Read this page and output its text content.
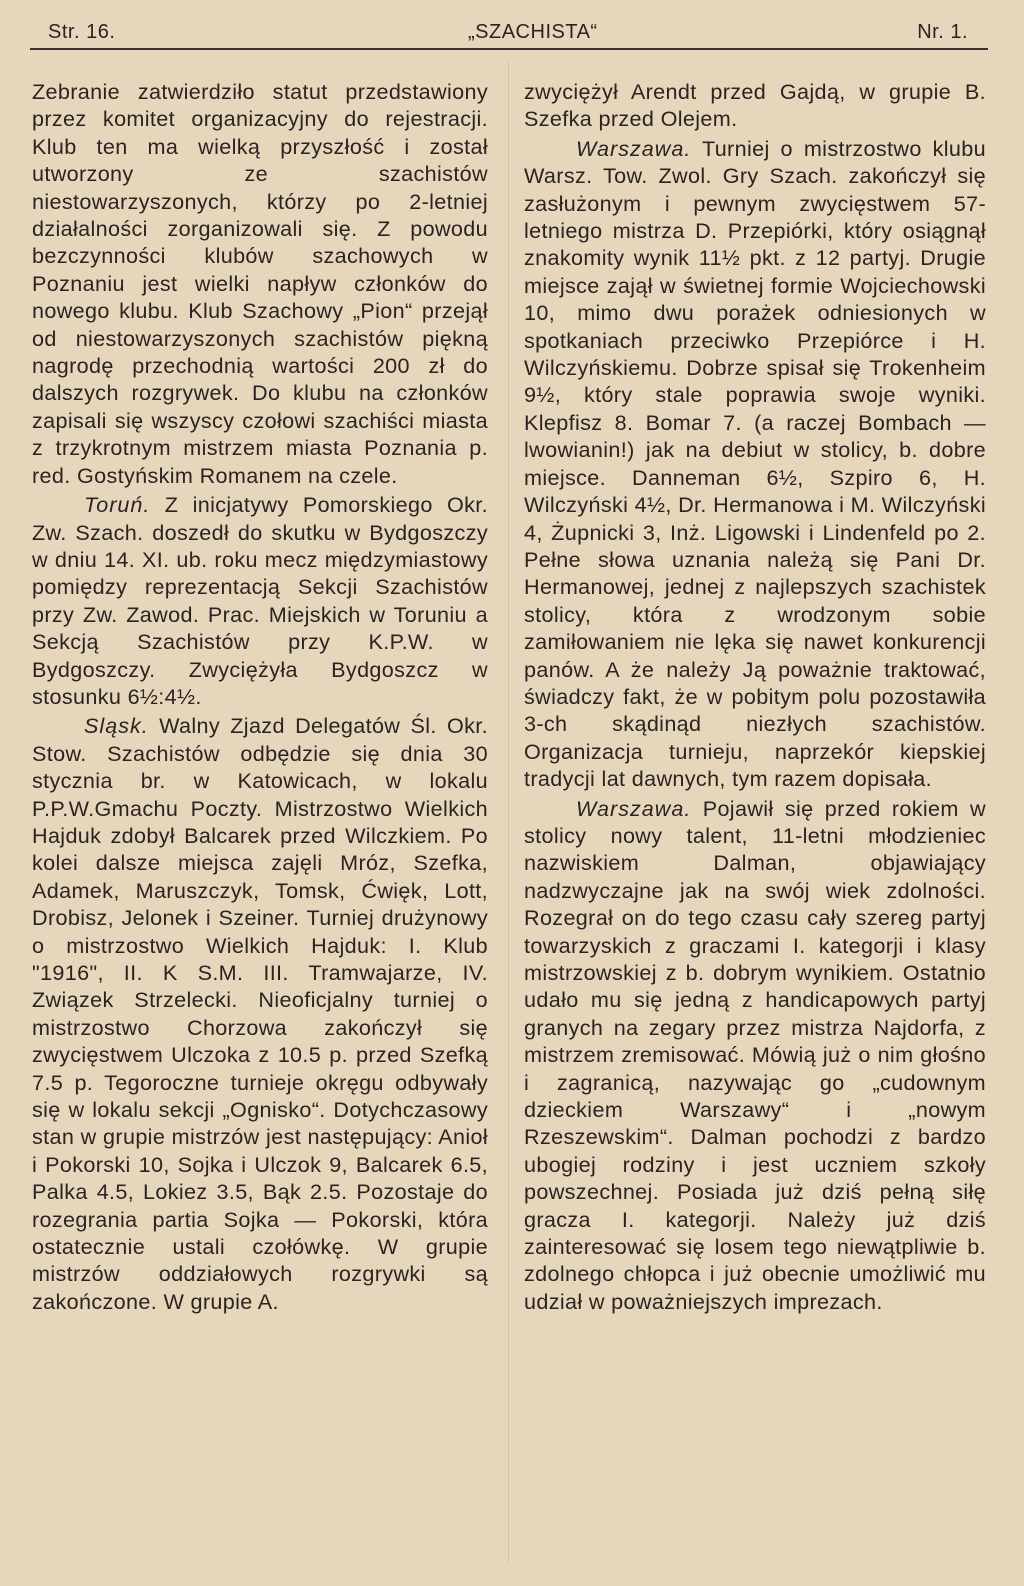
Str. 16.	„SZACHISTA“	Nr. 1.

Zebranie zatwierdziło statut przedstawiony przez komitet organizacyjny do rejestracji. Klub ten ma wielką przyszłość i został utworzony ze szachistów niestowarzyszonych, którzy po 2-letniej działalności zorganizowali się. Z powodu bezczynności klubów szachowych w Poznaniu jest wielki napływ członków do nowego klubu. Klub Szachowy „Pion“ przejął od niestowarzyszonych szachistów piękną nagrodę przechodnią wartości 200 zł do dalszych rozgrywek. Do klubu na członków zapisali się wszyscy czołowi szachiści miasta z trzykrotnym mistrzem miasta Poznania p. red. Gostyńskim Romanem na czele.

Toruń. Z inicjatywy Pomorskiego Okr. Zw. Szach. doszedł do skutku w Bydgoszczy w dniu 14. XI. ub. roku mecz międzymiastowy pomiędzy reprezentacją Sekcji Szachistów przy Zw. Zawod. Prac. Miejskich w Toruniu a Sekcją Szachistów przy K.P.W. w Bydgoszczy. Zwyciężyła Bydgoszcz w stosunku 6½:4½.

Sląsk. Walny Zjazd Delegatów Śl. Okr. Stow. Szachistów odbędzie się dnia 30 stycznia br. w Katowicach, w lokalu P.P.W.Gmachu Poczty. Mistrzostwo Wielkich Hajduk zdobył Balcarek przed Wilczkiem. Po kolei dalsze miejsca zajęli Mróz, Szefka, Adamek, Maruszczyk, Tomsk, Ćwięk, Lott, Drobisz, Jelonek i Szeiner. Turniej drużynowy o mistrzostwo Wielkich Hajduk: I. Klub "1916", II. K S.M. III. Tramwajarze, IV. Związek Strzelecki. Nieoficjalny turniej o mistrzostwo Chorzowa zakończył się zwycięstwem Ulczoka z 10.5 p. przed Szefką 7.5 p. Tegoroczne turnieje okręgu odbywały się w lokalu sekcji „Ognisko“. Dotychczasowy stan w grupie mistrzów jest następujący: Anioł i Pokorski 10, Sojka i Ulczok 9, Balcarek 6.5, Palka 4.5, Lokiez 3.5, Bąk 2.5. Pozostaje do rozegrania partia Sojka — Pokorski, która ostatecznie ustali czołówkę. W grupie mistrzów oddziałowych rozgrywki są zakończone. W grupie A.

zwyciężył Arendt przed Gajdą, w grupie B. Szefka przed Olejem.

Warszawa. Turniej o mistrzostwo klubu Warsz. Tow. Zwol. Gry Szach. zakończył się zasłużonym i pewnym zwycięstwem 57-letniego mistrza D. Przepiórki, który osiągnął znakomity wynik 11½ pkt. z 12 partyj. Drugie miejsce zajął w świetnej formie Wojciechowski 10, mimo dwu porażek odniesionych w spotkaniach przeciwko Przepiórce i H. Wilczyńskiemu. Dobrze spisał się Trokenheim 9½, który stale poprawia swoje wyniki. Klepfisz 8. Bomar 7. (a raczej Bombach — lwowianin!) jak na debiut w stolicy, b. dobre miejsce. Danneman 6½, Szpiro 6, H. Wilczyński 4½, Dr. Hermanowa i M. Wilczyński 4, Żupnicki 3, Inż. Ligowski i Lindenfeld po 2. Pełne słowa uznania należą się Pani Dr. Hermanowej, jednej z najlepszych szachistek stolicy, która z wrodzonym sobie zamiłowaniem nie lęka się nawet konkurencji panów. A że należy Ją poważnie traktować, świadczy fakt, że w pobitym polu pozostawiła 3-ch skądinąd niezłych szachistów. Organizacja turnieju, naprzekór kiepskiej tradycji lat dawnych, tym razem dopisała.

Warszawa. Pojawił się przed rokiem w stolicy nowy talent, 11-letni młodzieniec nazwiskiem Dalman, objawiający nadzwyczajne jak na swój wiek zdolności. Rozegrał on do tego czasu cały szereg partyj towarzyskich z graczami I. kategorji i klasy mistrzowskiej z b. dobrym wynikiem. Ostatnio udało mu się jedną z handicapowych partyj granych na zegary przez mistrza Najdorfa, z mistrzem zremisować. Mówią już o nim głośno i zagranicą, nazywając go „cudownym dzieckiem Warszawy“ i „nowym Rzeszewskim“. Dalman pochodzi z bardzo ubogiej rodziny i jest uczniem szkoły powszechnej. Posiada już dziś pełną siłę gracza I. kategorji. Należy już dziś zainteresować się losem tego niewątpliwie b. zdolnego chłopca i już obecnie umożliwić mu udział w poważniejszych imprezach.
